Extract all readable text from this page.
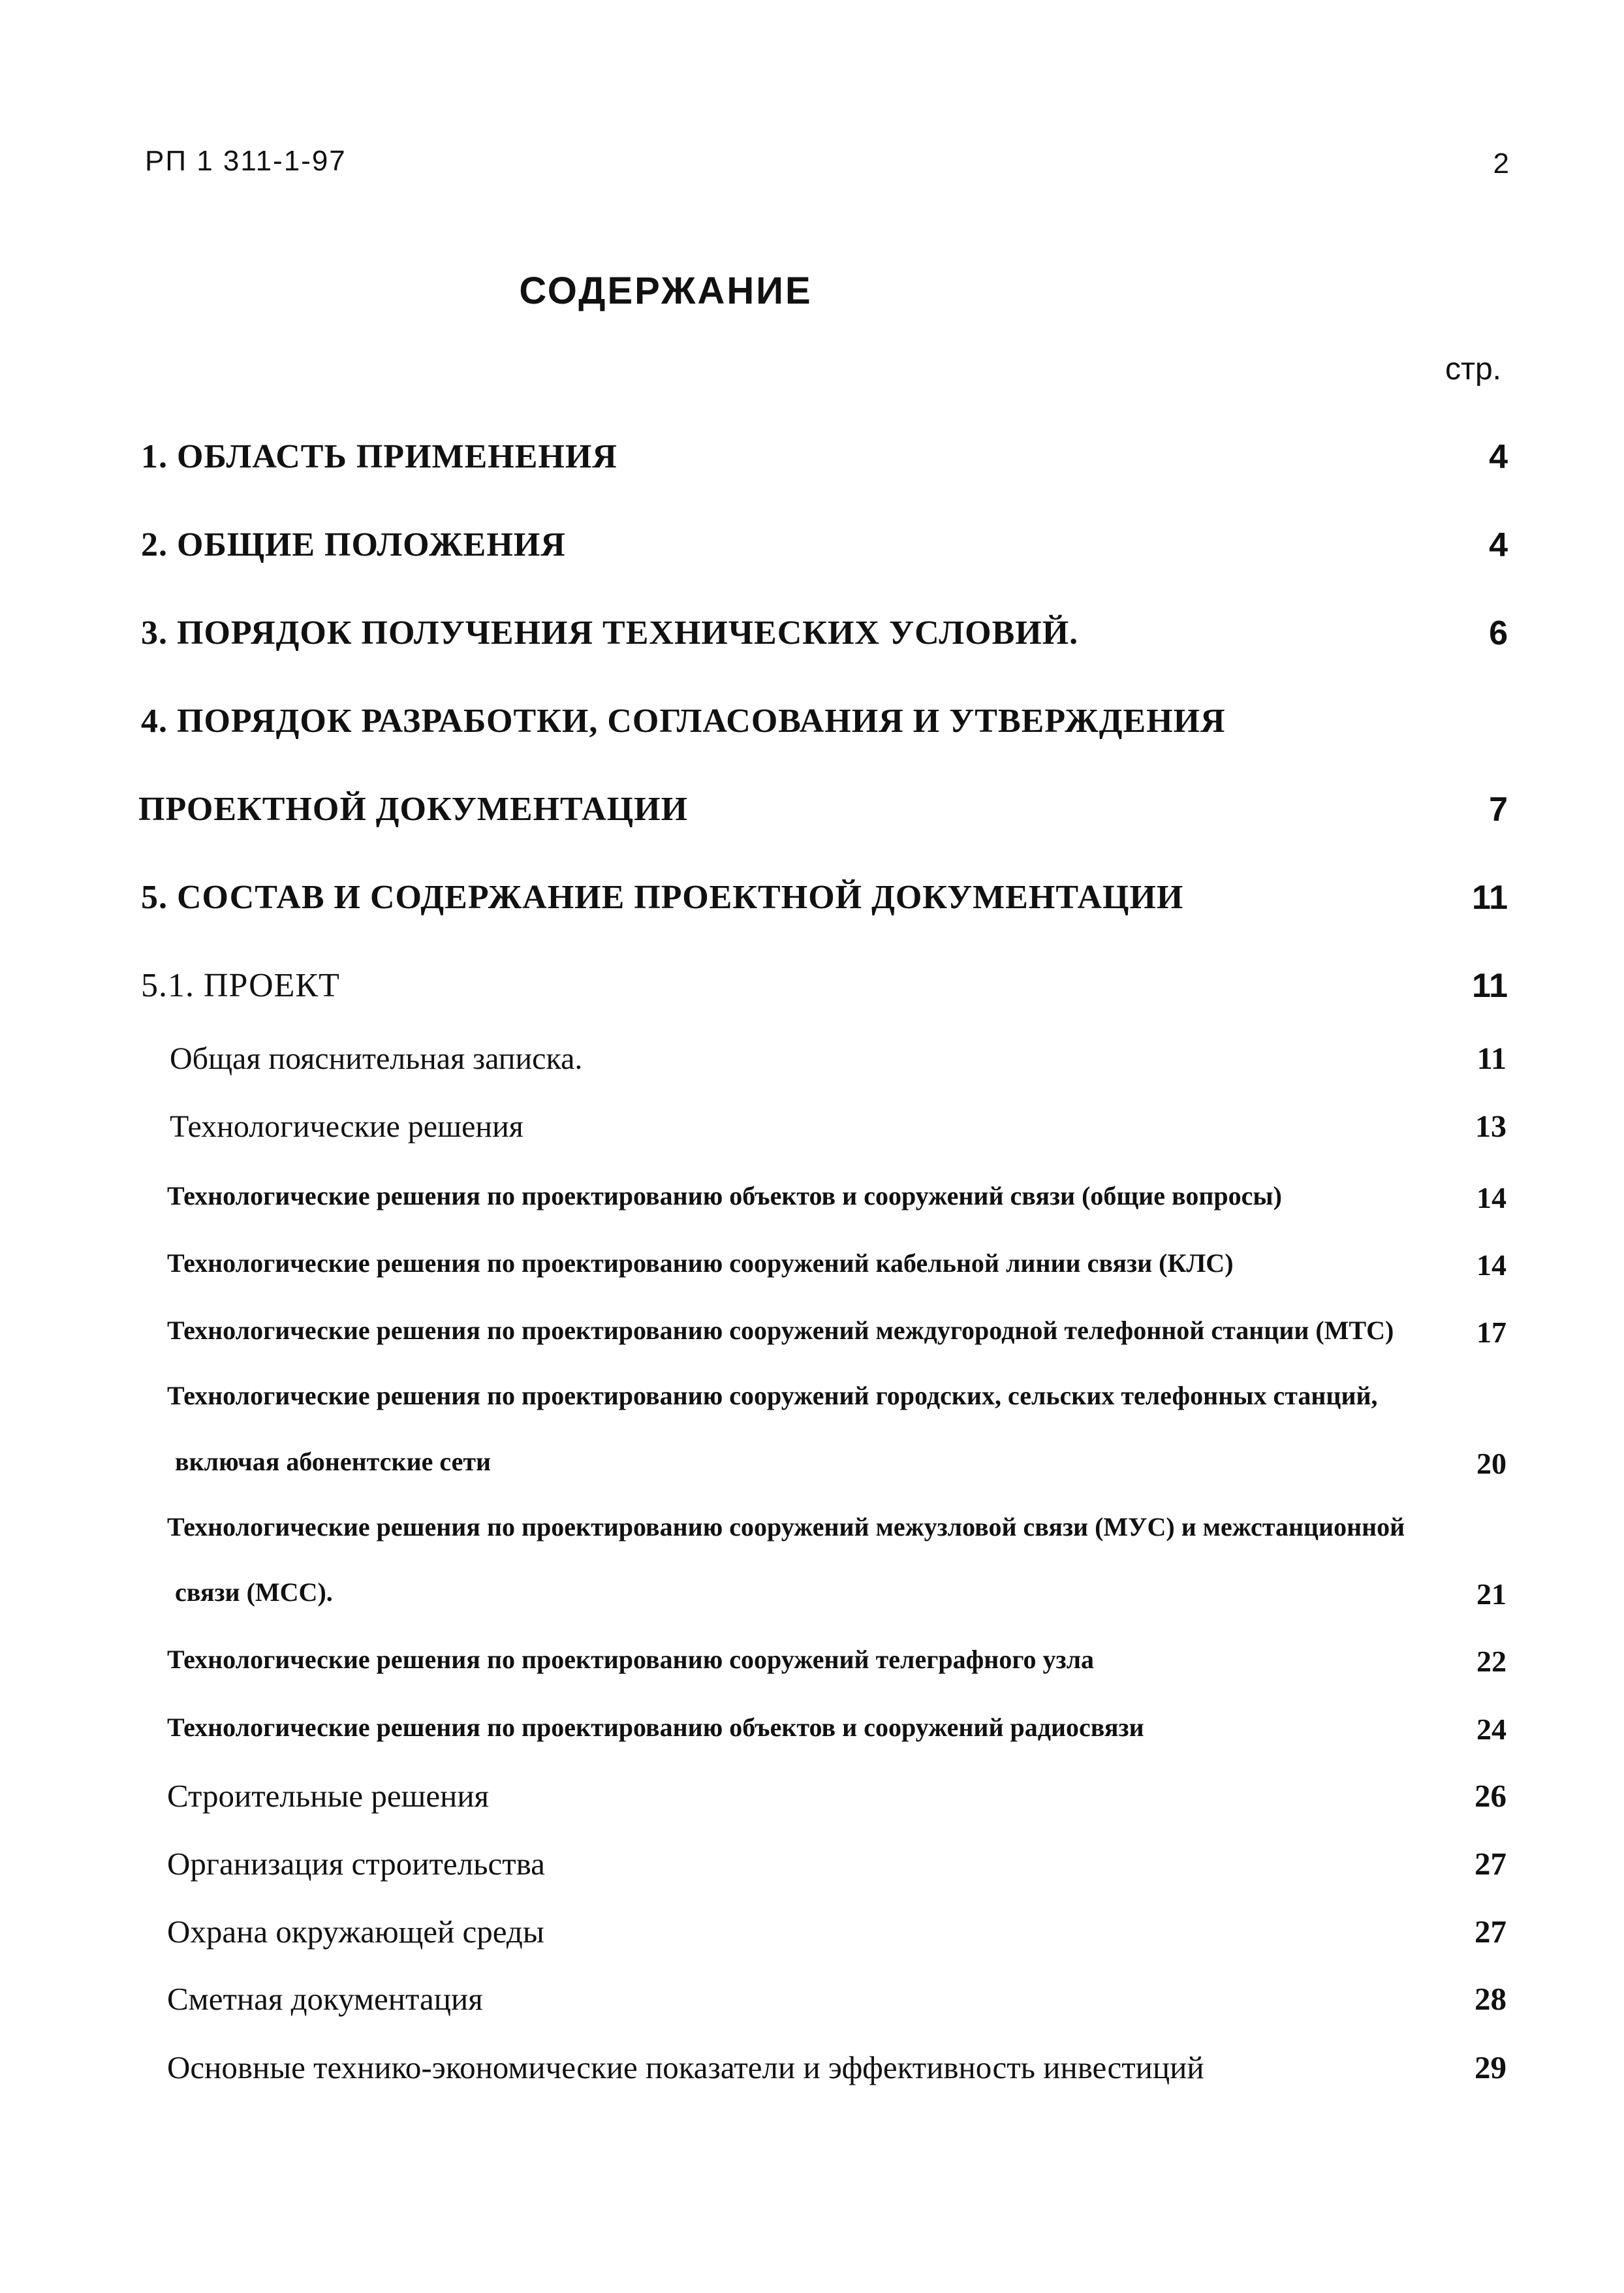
РП 1 311-1-97	2
СОДЕРЖАНИЕ
стр.
1. ОБЛАСТЬ ПРИМЕНЕНИЯ	4
2. ОБЩИЕ ПОЛОЖЕНИЯ	4
3. ПОРЯДОК ПОЛУЧЕНИЯ ТЕХНИЧЕСКИХ УСЛОВИЙ.	6
4. ПОРЯДОК РАЗРАБОТКИ, СОГЛАСОВАНИЯ И УТВЕРЖДЕНИЯ
ПРОЕКТНОЙ ДОКУМЕНТАЦИИ	7
5. СОСТАВ И СОДЕРЖАНИЕ ПРОЕКТНОЙ ДОКУМЕНТАЦИИ	11
5.1. ПРОЕКТ	11
Общая пояснительная записка.	11
Технологические решения	13
Технологические решения по проектированию объектов и сооружений связи (общие вопросы)	14
Технологические решения по проектированию сооружений кабельной линии связи (КЛС)	14
Технологические решения по проектированию сооружений междугородной телефонной станции (МТС)	17
Технологические решения по проектированию сооружений городских, сельских телефонных станций,
включая абонентские сети	20
Технологические решения по проектированию сооружений межузловой связи (МУС) и межстанционной
связи (МСС).	21
Технологические решения по проектированию сооружений телеграфного узла	22
Технологические решения по проектированию объектов и сооружений радиосвязи	24
Строительные решения	26
Организация строительства	27
Охрана окружающей среды	27
Сметная документация	28
Основные технико-экономические показатели и эффективность инвестиций	29
